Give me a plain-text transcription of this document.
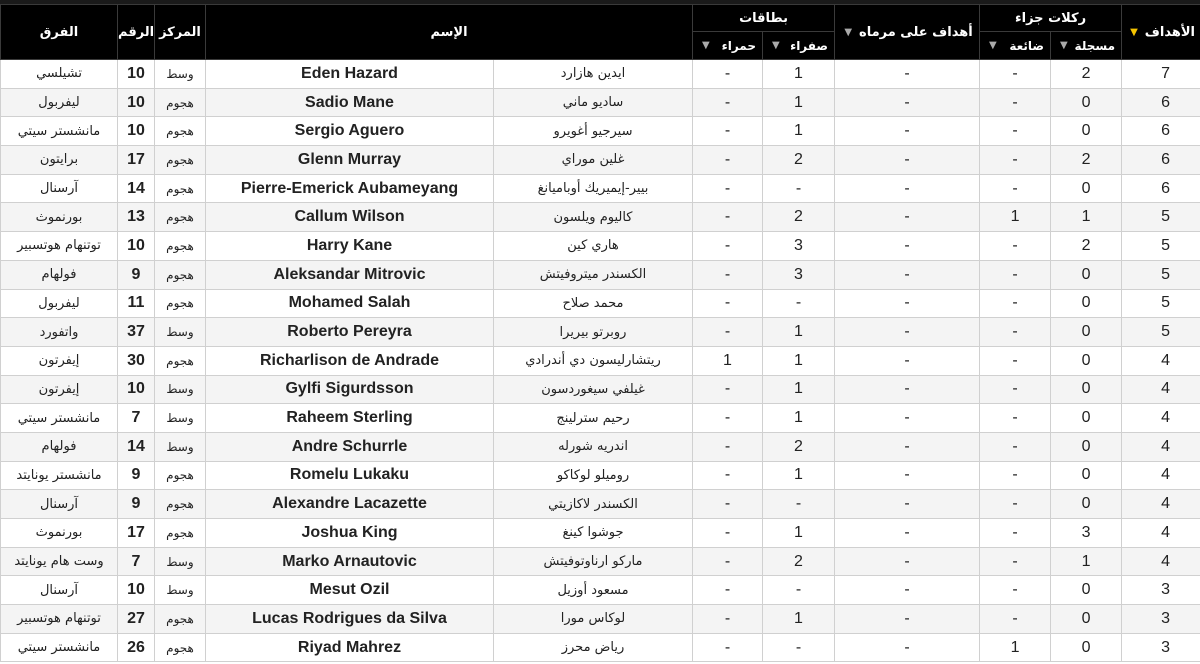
الفرق	الرقم	المركز	الإسم		بطاقات		▼ أهداف على مرماه	ركلات جزاء		▼ الأهداف

					▼ حمراء	▼ صفراء		▼ ضائعة	▼ مسجلة	

تشيلسي	10	وسط	Eden Hazard	ايدين هازارد	-	1	-	-	2	7
ليفربول	10	هجوم	Sadio Mane	ساديو ماني	-	1	-	-	0	6
مانشستر سيتي	10	هجوم	Sergio Aguero	سيرجيو أغويرو	-	1	-	-	0	6
برايتون	17	هجوم	Glenn Murray	غلين موراي	-	2	-	-	2	6
آرسنال	14	هجوم	Pierre-Emerick Aubameyang	بيير-إيميريك أوباميانغ	-	-	-	-	0	6
بورنموث	13	هجوم	Callum Wilson	كاليوم ويلسون	-	2	-	1	1	5
توتنهام هوتسبير	10	هجوم	Harry Kane	هاري كين	-	3	-	-	2	5
فولهام	9	هجوم	Aleksandar Mitrovic	الكسندر ميتروفيتش	-	3	-	-	0	5
ليفربول	11	هجوم	Mohamed Salah	محمد صلاح	-	-	-	-	0	5
واتفورد	37	وسط	Roberto Pereyra	روبرتو بيريرا	-	1	-	-	0	5
إيفرتون	30	هجوم	Richarlison de Andrade	ريتشارليسون دي أندرادي	1	1	-	-	0	4
إيفرتون	10	وسط	Gylfi Sigurdsson	غيلفي سيغوردسون	-	1	-	-	0	4
مانشستر سيتي	7	وسط	Raheem Sterling	رحيم سترلينج	-	1	-	-	0	4
فولهام	14	وسط	Andre Schurrle	اندريه شورله	-	2	-	-	0	4
مانشستر يونايتد	9	هجوم	Romelu Lukaku	روميلو لوكاكو	-	1	-	-	0	4
آرسنال	9	هجوم	Alexandre Lacazette	الكسندر لاكازيتي	-	-	-	-	0	4
بورنموث	17	هجوم	Joshua King	جوشوا كينغ	-	1	-	-	3	4
وست هام يونايتد	7	وسط	Marko Arnautovic	ماركو ارناوتوفيتش	-	2	-	-	1	4
آرسنال	10	وسط	Mesut Ozil	مسعود أوزيل	-	-	-	-	0	3
توتنهام هوتسبير	27	هجوم	Lucas Rodrigues da Silva	لوكاس مورا	-	1	-	-	0	3
مانشستر سيتي	26	هجوم	Riyad Mahrez	رياض محرز	-	-	-	1	0	3
